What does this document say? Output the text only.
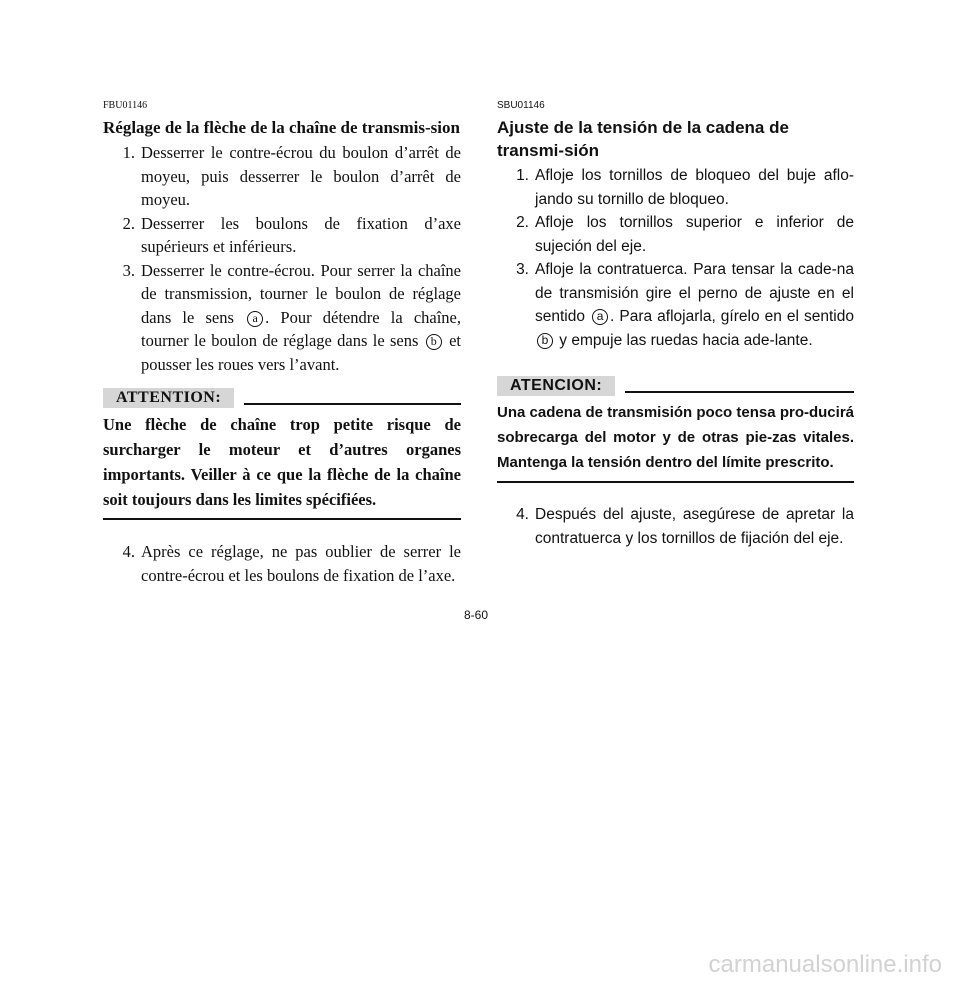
FBU01146
Réglage de la flèche de la chaîne de transmis-sion
1. Desserrer le contre-écrou du boulon d’arrêt de moyeu, puis desserrer le boulon d’arrêt de moyeu.
2. Desserrer les boulons de fixation d’axe supérieurs et inférieurs.
3. Desserrer le contre-écrou. Pour serrer la chaîne de transmission, tourner le boulon de réglage dans le sens a . Pour détendre la chaîne, tourner le boulon de réglage dans le sens b et pousser les roues vers l’avant.
ATTENTION:
Une flèche de chaîne trop petite risque de surcharger le moteur et d’autres organes importants. Veiller à ce que la flèche de la chaîne soit toujours dans les limites spécifiées.
4. Après ce réglage, ne pas oublier de serrer le contre-écrou et les boulons de fixation de l’axe.
SBU01146
Ajuste de la tensión de la cadena de transmi-sión
1. Afloje los tornillos de bloqueo del buje aflo-jando su tornillo de bloqueo.
2. Afloje los tornillos superior e inferior de sujeción del eje.
3. Afloje la contratuerca. Para tensar la cade-na de transmisión gire el perno de ajuste en el sentido a . Para aflojarla, gírelo en el sentido b y empuje las ruedas hacia ade-lante.
ATENCION:
Una cadena de transmisión poco tensa pro-ducirá sobrecarga del motor y de otras pie-zas vitales. Mantenga la tensión dentro del límite prescrito.
4. Después del ajuste, asegúrese de apretar la contratuerca y los tornillos de fijación del eje.
8-60
carmanualsonline.info
